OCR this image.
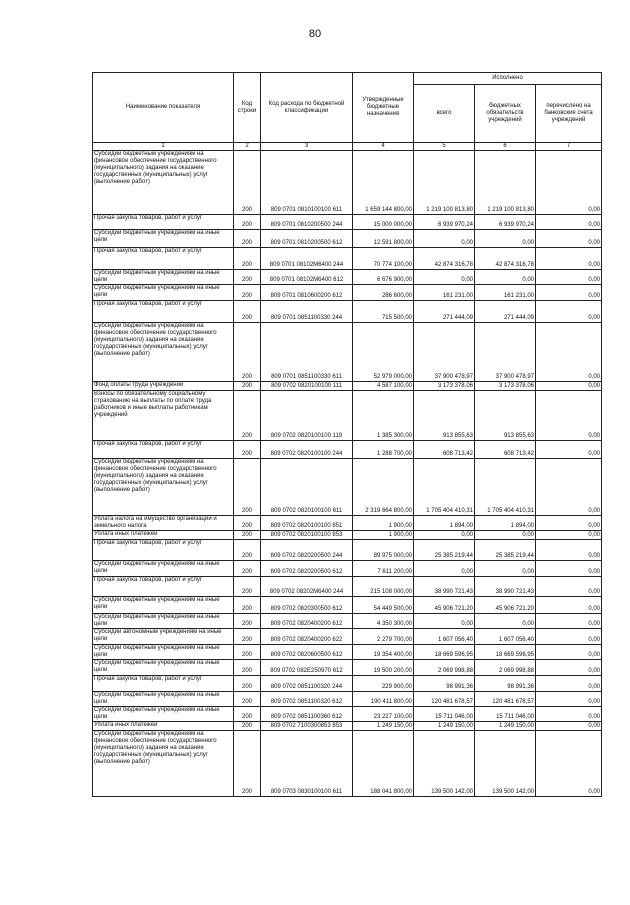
80
Наименование показателя	Код строки	Код расхода по бюджетной классификации	Утвержденные бюджетные назначения	Исполнено		
				всего	бюджетных обязательств учреждений	перечислено на банковские счета учреждений
1	2	3	4	5	6	7
Субсидии бюджетным учреждениям на финансовое обеспечение государственного (муниципального) задания на оказание государственных (муниципальных) услуг (выполнение работ)	200	809 0701 0810100100 611	1 659 144 800,00	1 219 100 813,80	1 219 100 813,80	0,00
Прочая закупка товаров, работ и услуг	200	809 0701 0810200500 244	15 000 000,00	6 939 970,24	6 939 970,24	0,00
Субсидии бюджетным учреждениям на иные цели	200	809 0701 0810200500 612	12 591 800,00	0,00	0,00	0,00
Прочая закупка товаров, работ и услуг	200	809 0701 08102M6400 244	70 774 100,00	42 874 316,78	42 874 316,78	0,00
Субсидии бюджетным учреждениям на иные цели	200	809 0701 08102M6400 612	6 676 900,00	0,00	0,00	0,00
Субсидии бюджетным учреждениям на иные цели	200	809 0701 0810600200 612	286 600,00	161 231,00	161 231,00	0,00
Прочая закупка товаров, работ и услуг	200	809 0701 0851100330 244	715 500,00	271 444,09	271 444,09	0,00
Субсидии бюджетным учреждениям на финансовое обеспечение государственного (муниципального) задания на оказание государственных (муниципальных) услуг (выполнение работ)	200	809 0701 0851100330 611	52 979 000,00	37 900 478,97	37 900 478,97	0,00
Фонд оплаты труда учреждений	200	809 0702 0820100100 111	4 587 100,00	3 173 378,06	3 173 378,06	0,00
Взносы по обязательному социальному страхованию на выплаты по оплате труда работников и иные выплаты работникам учреждений	200	809 0702 0820100100 119	1 385 300,00	913 855,63	913 855,63	0,00
Прочая закупка товаров, работ и услуг	200	809 0702 0820100100 244	1 288 700,00	608 713,42	608 713,42	0,00
Субсидии бюджетным учреждениям на финансовое обеспечение государственного (муниципального) задания на оказание государственных (муниципальных) услуг (выполнение работ)	200	809 0702 0820100100 611	2 319 664 800,00	1 705 404 410,31	1 705 404 410,31	0,00
Уплата налога на имущество организаций и земельного налога	200	809 0702 0820100100 851	1 900,00	1 894,00	1 894,00	0,00
Уплата иных платежей	200	809 0702 0820100100 853	1 900,00	0,00	0,00	0,00
Прочая закупка товаров, работ и услуг	200	809 0702 0820200500 244	89 975 000,00	25 385 219,44	25 385 219,44	0,00
Субсидии бюджетным учреждениям на иные цели	200	809 0702 0820200500 612	7 611 200,00	0,00	0,00	0,00
Прочая закупка товаров, работ и услуг	200	809 0702 08202M6400 244	215 108 000,00	38 990 721,43	38 990 721,43	0,00
Субсидии бюджетным учреждениям на иные цели	200	809 0702 0820300500 612	54 449 500,00	45 906 721,20	45 906 721,20	0,00
Субсидии бюджетным учреждениям на иные цели	200	809 0702 0820400200 612	4 350 300,00	0,00	0,00	0,00
Субсидии автономным учреждениям на иные цели	200	809 0702 0820400200 622	2 279 700,00	1 607 056,40	1 607 056,40	0,00
Субсидии бюджетным учреждениям на иные цели	200	809 0702 0820600500 612	19 354 400,00	18 669 596,95	18 669 596,95	0,00
Субсидии бюджетным учреждениям на иные цели	200	809 0702 082E250970 612	19 500 200,00	2 069 998,88	2 069 998,88	0,00
Прочая закупка товаров, работ и услуг	200	809 0702 0851100320 244	229 900,00	98 991,36	98 991,36	0,00
Субсидии бюджетным учреждениям на иные цели	200	809 0702 0851100320 612	190 411 800,00	120 481 678,57	120 481 678,57	0,00
Субсидии бюджетным учреждениям на иные цели	200	809 0702 0851100360 612	23 227 100,00	15 711 046,00	15 711 046,00	0,00
Уплата иных платежей	200	809 0702 7100300853 853	1 249 150,00	1 249 150,00	1 249 150,00	0,00
Субсидии бюджетным учреждениям на финансовое обеспечение государственного (муниципального) задания на оказание государственных (муниципальных) услуг (выполнение работ)	200	809 0703 0830100100 611	188 041 800,00	139 500 142,00	139 500 142,00	0,00
